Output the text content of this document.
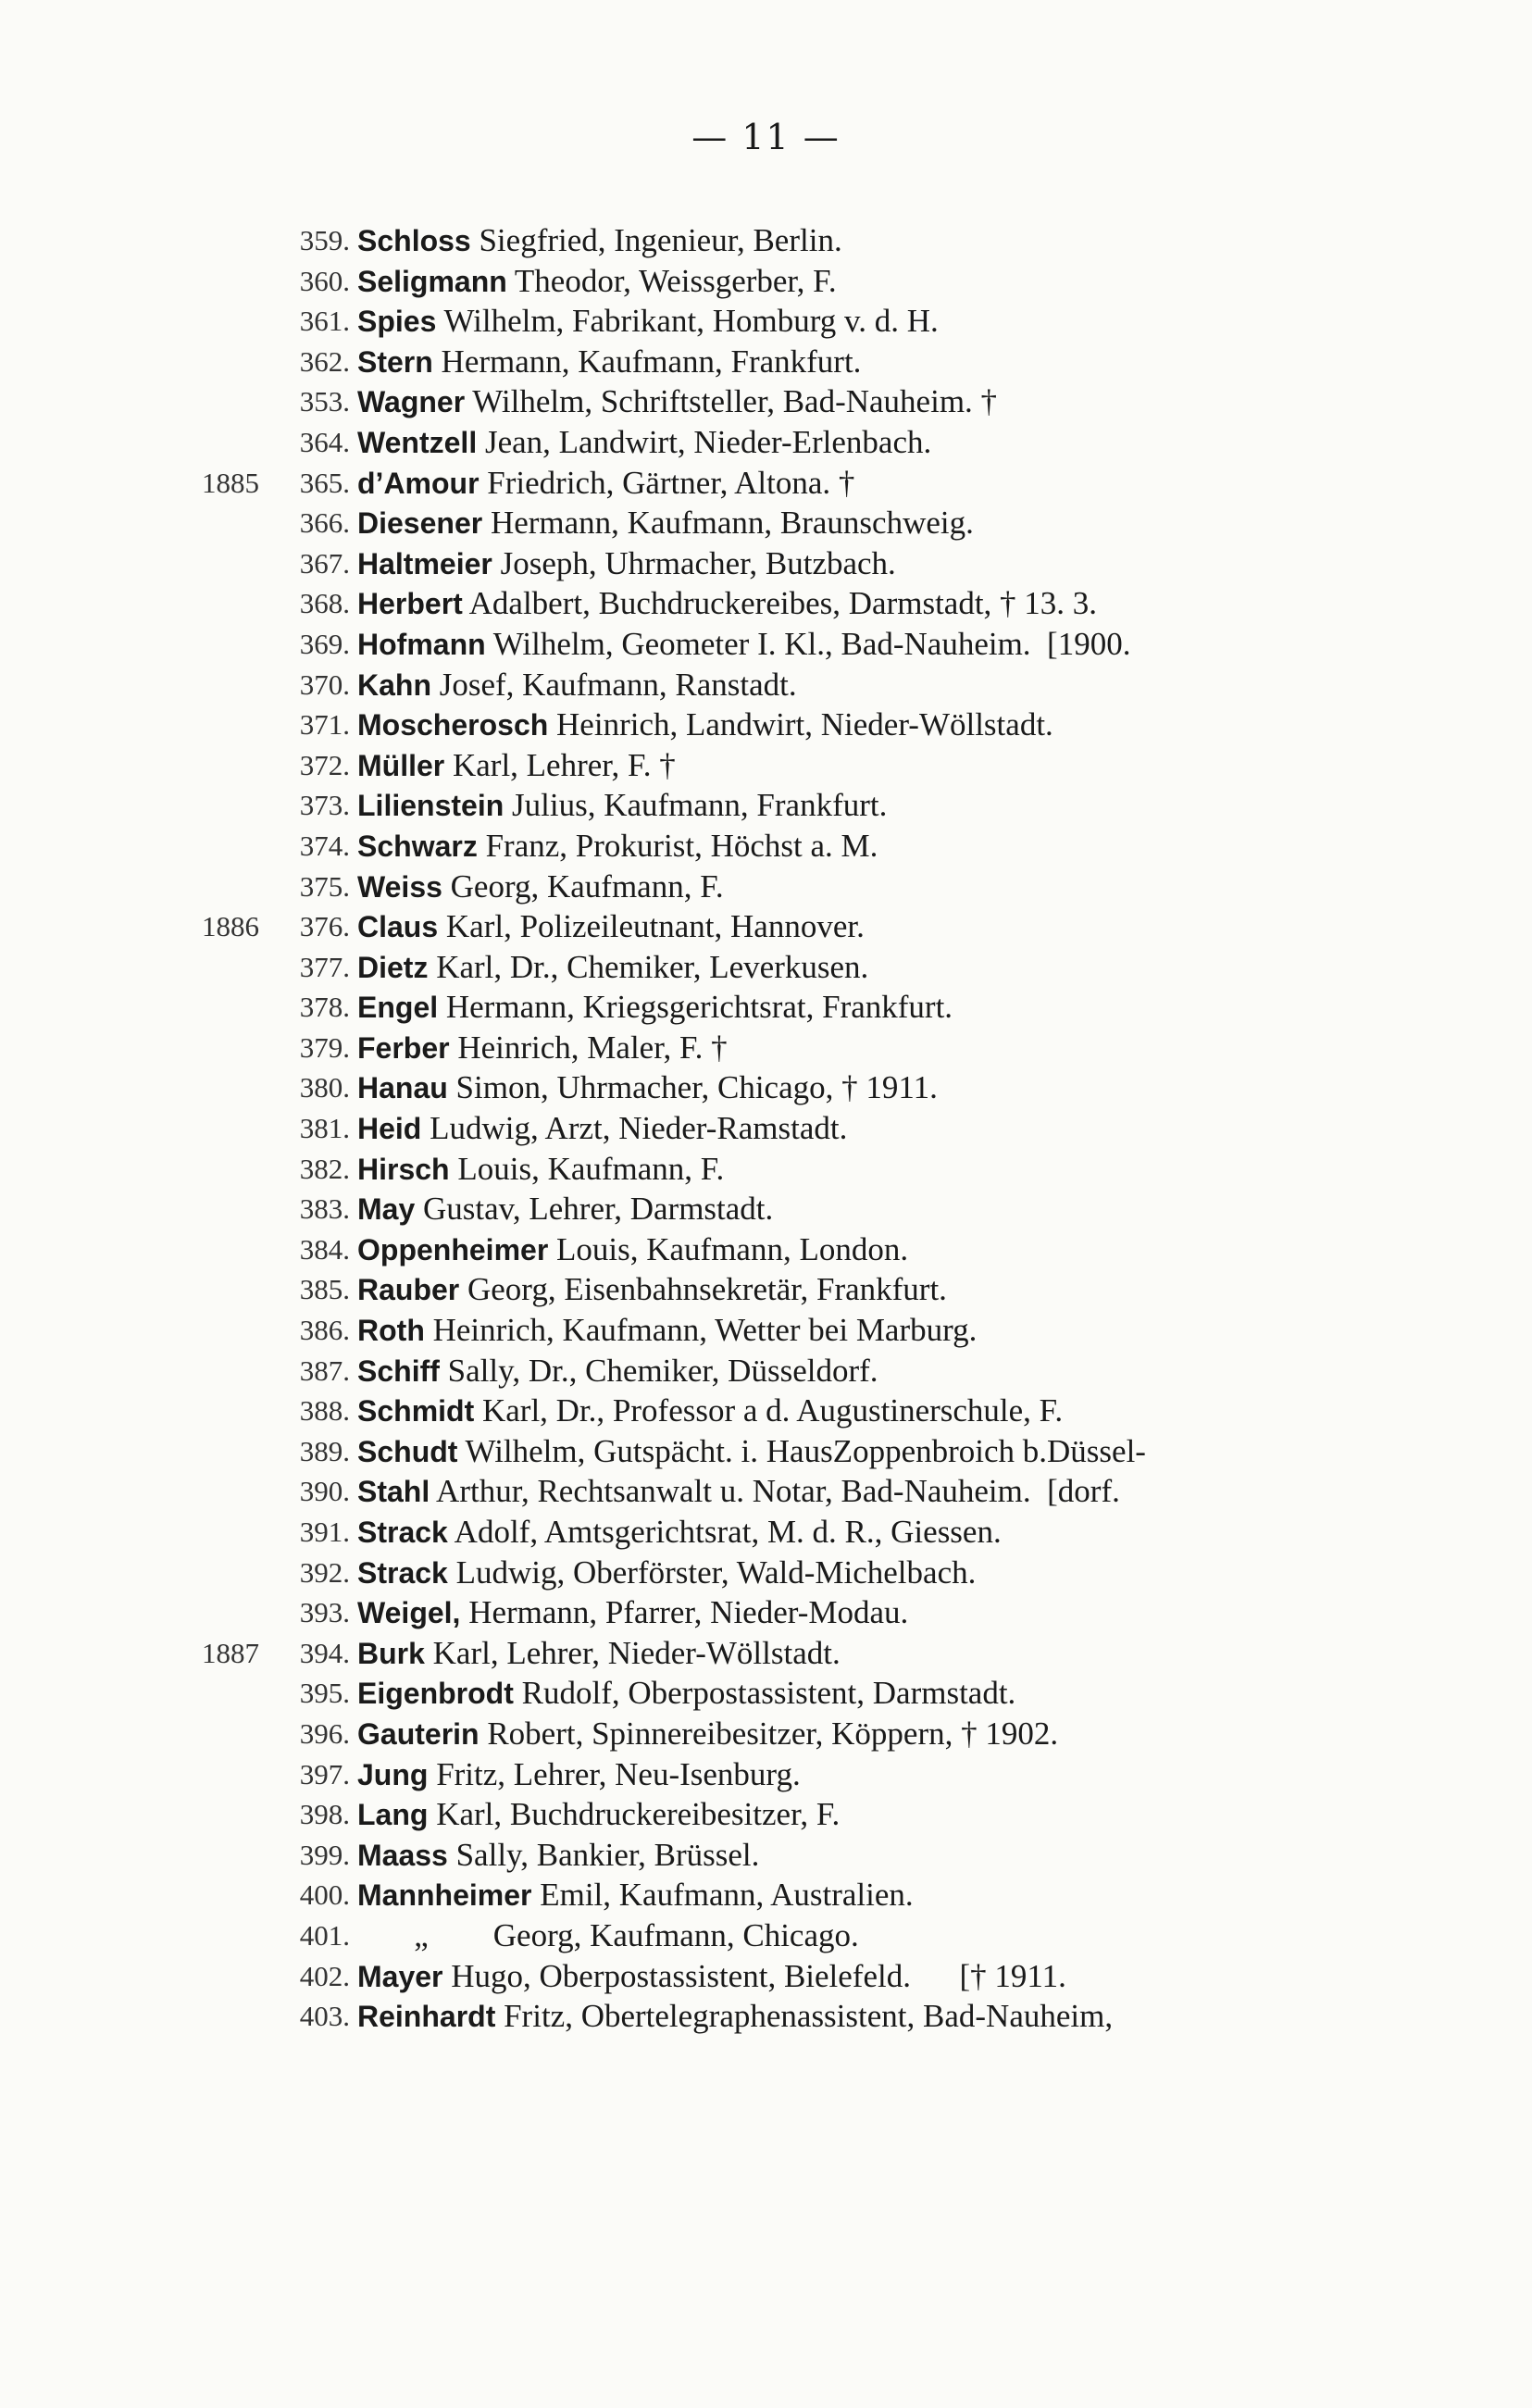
— 11 —
359. Schloss Siegfried, Ingenieur, Berlin.
360. Seligmann Theodor, Weissgerber, F.
361. Spies Wilhelm, Fabrikant, Homburg v. d. H.
362. Stern Hermann, Kaufmann, Frankfurt.
353. Wagner Wilhelm, Schriftsteller, Bad-Nauheim. †
364. Wentzell Jean, Landwirt, Nieder-Erlenbach.
1885	365. d’Amour Friedrich, Gärtner, Altona. †
366. Diesener Hermann, Kaufmann, Braunschweig.
367. Haltmeier Joseph, Uhrmacher, Butzbach.
368. Herbert Adalbert, Buchdruckereibes, Darmstadt, † 13. 3.
369. Hofmann Wilhelm, Geometer I. Kl., Bad-Nauheim.  [1900.
370. Kahn Josef, Kaufmann, Ranstadt.
371. Moscherosch Heinrich, Landwirt, Nieder-Wöllstadt.
372. Müller Karl, Lehrer, F. †
373. Lilienstein Julius, Kaufmann, Frankfurt.
374. Schwarz Franz, Prokurist, Höchst a. M.
375. Weiss Georg, Kaufmann, F.
1886	376. Claus Karl, Polizeileutnant, Hannover.
377. Dietz Karl, Dr., Chemiker, Leverkusen.
378. Engel Hermann, Kriegsgerichtsrat, Frankfurt.
379. Ferber Heinrich, Maler, F. †
380. Hanau Simon, Uhrmacher, Chicago, † 1911.
381. Heid Ludwig, Arzt, Nieder-Ramstadt.
382. Hirsch Louis, Kaufmann, F.
383. May Gustav, Lehrer, Darmstadt.
384. Oppenheimer Louis, Kaufmann, London.
385. Rauber Georg, Eisenbahnsekretär, Frankfurt.
386. Roth Heinrich, Kaufmann, Wetter bei Marburg.
387. Schiff Sally, Dr., Chemiker, Düsseldorf.
388. Schmidt Karl, Dr., Professor a d. Augustinerschule, F.
389. Schudt Wilhelm, Gutspächt. i. HausZoppenbroich b.Düssel-
390. Stahl Arthur, Rechtsanwalt u. Notar, Bad-Nauheim.  [dorf.
391. Strack Adolf, Amtsgerichtsrat, M. d. R., Giessen.
392. Strack Ludwig, Oberförster, Wald-Michelbach.
393. Weigel, Hermann, Pfarrer, Nieder-Modau.
1887	394. Burk Karl, Lehrer, Nieder-Wöllstadt.
395. Eigenbrodt Rudolf, Oberpostassistent, Darmstadt.
396. Gauterin Robert, Spinnereibesitzer, Köppern, † 1902.
397. Jung Fritz, Lehrer, Neu-Isenburg.
398. Lang Karl, Buchdruckereibesitzer, F.
399. Maass Sally, Bankier, Brüssel.
400. Mannheimer Emil, Kaufmann, Australien.
401. „        Georg, Kaufmann, Chicago.
402. Mayer Hugo, Oberpostassistent, Bielefeld.      [† 1911.
403. Reinhardt Fritz, Obertelegraphenassistent, Bad-Nauheim,
